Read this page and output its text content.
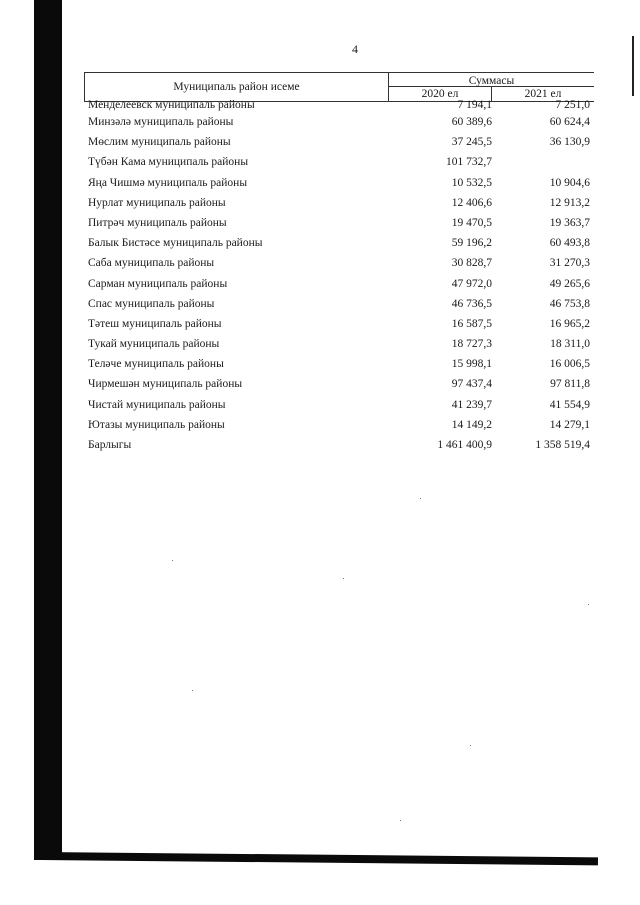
4
Муниципаль район исеме	Суммасы
2020 ел	2021 ел
Менделеевск муниципаль районы	7 194,1	7 251,0
Минзәлә муниципаль районы	60 389,6	60 624,4
Мөслим муниципаль районы	37 245,5	36 130,9
Түбән Кама муниципаль районы	101 732,7
Яңа Чишмә муниципаль районы	10 532,5	10 904,6
Нурлат муниципаль районы	12 406,6	12 913,2
Питрәч муниципаль районы	19 470,5	19 363,7
Балык Бистәсе муниципаль районы	59 196,2	60 493,8
Саба муниципаль районы	30 828,7	31 270,3
Сарман муниципаль районы	47 972,0	49 265,6
Спас муниципаль районы	46 736,5	46 753,8
Тәтеш муниципаль районы	16 587,5	16 965,2
Тукай муниципаль районы	18 727,3	18 311,0
Теләче муниципаль районы	15 998,1	16 006,5
Чирмешән муниципаль районы	97 437,4	97 811,8
Чистай муниципаль районы	41 239,7	41 554,9
Ютазы муниципаль районы	14 149,2	14 279,1
Барлыгы	1 461 400,9	1 358 519,4
